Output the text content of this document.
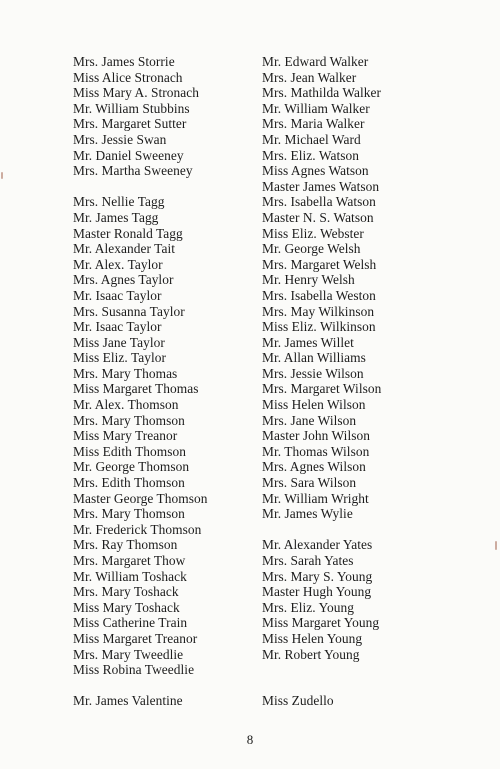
Mrs. James Storrie
Miss Alice Stronach
Miss Mary A. Stronach
Mr. William Stubbins
Mrs. Margaret Sutter
Mrs. Jessie Swan
Mr. Daniel Sweeney
Mrs. Martha Sweeney
Mrs. Nellie Tagg
Mr. James Tagg
Master Ronald Tagg
Mr. Alexander Tait
Mr. Alex. Taylor
Mrs. Agnes Taylor
Mr. Isaac Taylor
Mrs. Susanna Taylor
Mr. Isaac Taylor
Miss Jane Taylor
Miss Eliz. Taylor
Mrs. Mary Thomas
Miss Margaret Thomas
Mr. Alex. Thomson
Mrs. Mary Thomson
Miss Mary Treanor
Miss Edith Thomson
Mr. George Thomson
Mrs. Edith Thomson
Master George Thomson
Mrs. Mary Thomson
Mr. Frederick Thomson
Mrs. Ray Thomson
Mrs. Margaret Thow
Mr. William Toshack
Mrs. Mary Toshack
Miss Mary Toshack
Miss Catherine Train
Miss Margaret Treanor
Mrs. Mary Tweedlie
Miss Robina Tweedlie
Mr. James Valentine
Mr. Edward Walker
Mrs. Jean Walker
Mrs. Mathilda Walker
Mr. William Walker
Mrs. Maria Walker
Mr. Michael Ward
Mrs. Eliz. Watson
Miss Agnes Watson
Master James Watson
Mrs. Isabella Watson
Master N. S. Watson
Miss Eliz. Webster
Mr. George Welsh
Mrs. Margaret Welsh
Mr. Henry Welsh
Mrs. Isabella Weston
Mrs. May Wilkinson
Miss Eliz. Wilkinson
Mr. James Willet
Mr. Allan Williams
Mrs. Jessie Wilson
Mrs. Margaret Wilson
Miss Helen Wilson
Mrs. Jane Wilson
Master John Wilson
Mr. Thomas Wilson
Mrs. Agnes Wilson
Mrs. Sara Wilson
Mr. William Wright
Mr. James Wylie
Mr. Alexander Yates
Mrs. Sarah Yates
Mrs. Mary S. Young
Master Hugh Young
Mrs. Eliz. Young
Miss Margaret Young
Miss Helen Young
Mr. Robert Young
Miss Zudello
8
